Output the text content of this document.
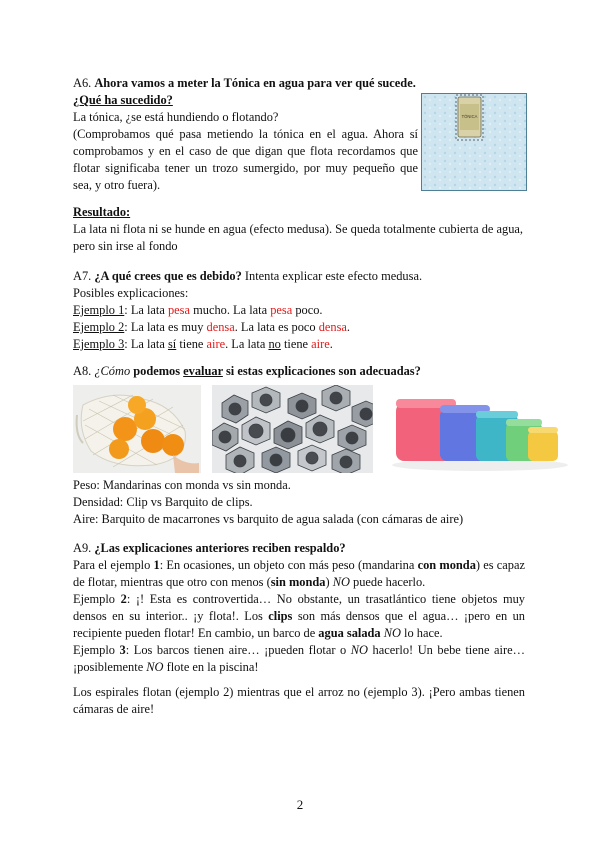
A6. Ahora vamos a meter la Tónica en agua para ver qué sucede.

¿Qué ha sucedido?

La tónica, ¿se está hundiendo o flotando?

(Comprobamos qué pasa metiendo la tónica en el agua. Ahora sí comprobamos y en el caso de que digan que flota recordamos que flotar significaba tener un trozo sumergido, por muy pequeño que sea, y otro fuera).

TÓNICA

Resultado:

La lata ni flota ni se hunde en agua (efecto medusa). Se queda totalmente cubierta de agua, pero sin irse al fondo

A7. ¿A qué crees que es debido? Intenta explicar este efecto medusa.

Posibles explicaciones:

Ejemplo 1: La lata pesa mucho. La lata pesa poco.

Ejemplo 2: La lata es muy densa. La lata es poco densa.

Ejemplo 3: La lata sí tiene aire. La lata no tiene aire.

A8. ¿Cómo podemos evaluar si estas explicaciones son adecuadas?

Peso: Mandarinas con monda vs sin monda.

Densidad: Clip vs Barquito de clips.

Aire: Barquito de macarrones vs barquito de agua salada (con cámaras de aire)

A9. ¿Las explicaciones anteriores reciben respaldo?

Para el ejemplo 1: En ocasiones, un objeto con más peso (mandarina con monda) es capaz de flotar, mientras que otro con menos (sin monda) NO puede hacerlo.

Ejemplo 2: ¡! Esta es controvertida… No obstante, un trasatlántico tiene objetos muy densos en su interior.. ¡y flota!. Los clips son más densos que el agua… ¡pero en un recipiente pueden flotar! En cambio, un barco de agua salada NO lo hace.

Ejemplo 3: Los barcos tienen aire… ¡pueden flotar o NO hacerlo! Un bebe tiene aire… ¡posiblemente NO flote en la piscina!

Los espirales flotan (ejemplo 2) mientras que el arroz no (ejemplo 3). ¡Pero ambas tienen cámaras de aire!

2
